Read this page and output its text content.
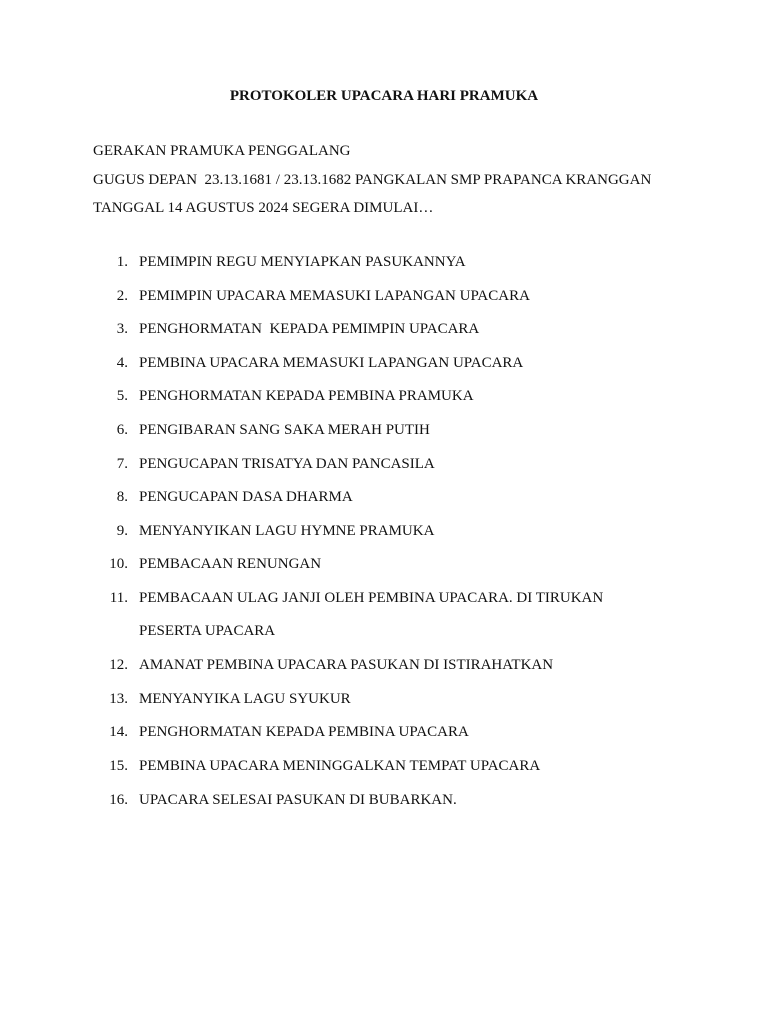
PROTOKOLER UPACARA HARI PRAMUKA
GERAKAN PRAMUKA PENGGALANG
GUGUS DEPAN  23.13.1681 / 23.13.1682 PANGKALAN SMP PRAPANCA KRANGGAN
TANGGAL 14 AGUSTUS 2024 SEGERA DIMULAI…
1. PEMIMPIN REGU MENYIAPKAN PASUKANNYA
2. PEMIMPIN UPACARA MEMASUKI LAPANGAN UPACARA
3. PENGHORMATAN  KEPADA PEMIMPIN UPACARA
4. PEMBINA UPACARA MEMASUKI LAPANGAN UPACARA
5. PENGHORMATAN KEPADA PEMBINA PRAMUKA
6. PENGIBARAN SANG SAKA MERAH PUTIH
7. PENGUCAPAN TRISATYA DAN PANCASILA
8. PENGUCAPAN DASA DHARMA
9. MENYANYIKAN LAGU HYMNE PRAMUKA
10. PEMBACAAN RENUNGAN
11. PEMBACAAN ULAG JANJI OLEH PEMBINA UPACARA. DI TIRUKAN
PESERTA UPACARA
12. AMANAT PEMBINA UPACARA PASUKAN DI ISTIRAHATKAN
13. MENYANYIKA LAGU SYUKUR
14. PENGHORMATAN KEPADA PEMBINA UPACARA
15. PEMBINA UPACARA MENINGGALKAN TEMPAT UPACARA
16. UPACARA SELESAI PASUKAN DI BUBARKAN.
